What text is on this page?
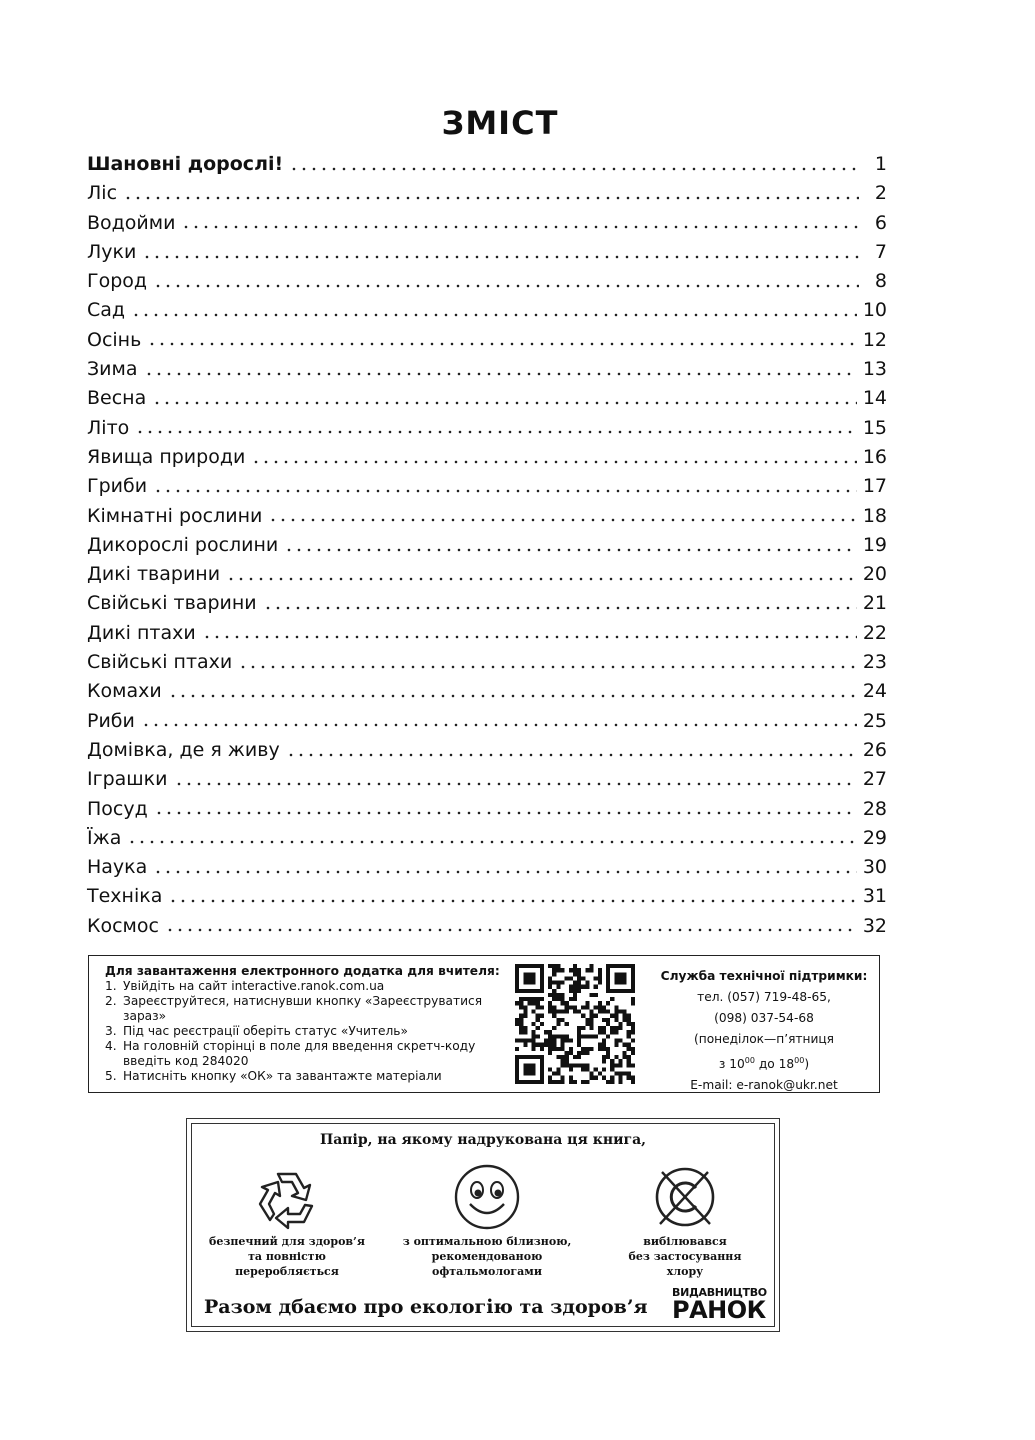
ЗМІСТ
Шановні дорослі!	1
Ліс	2
Водойми	6
Луки	7
Город	8
Сад	10
Осінь	12
Зима	13
Весна	14
Літо	15
Явища природи	16
Гриби	17
Кімнатні рослини	18
Дикорослі рослини	19
Дикі тварини	20
Свійські тварини	21
Дикі птахи	22
Свійські птахи	23
Комахи	24
Риби	25
Домівка, де я живу	26
Іграшки	27
Посуд	28
Їжа	29
Наука	30
Техніка	31
Космос	32
Для завантаження електронного додатка для вчителя:
1. Увійдіть на сайт interactive.ranok.com.ua
2. Зареєструйтеся, натиснувши кнопку «Зареєструватися зараз»
3. Під час реєстрації оберіть статус «Учитель»
4. На головній сторінці в поле для введення скретч-коду введіть код 284020
5. Натисніть кнопку «ОК» та завантажте матеріали
Служба технічної підтримки:
тел. (057) 719-48-65,
(098) 037-54-68
(понеділок—п’ятниця
з $10^{00}$ до $18^{00}$)
E-mail: e-ranok@ukr.net
Папір, на якому надрукована ця книга,
безпечний для здоров’я
та повністю
переробляється
з оптимальною білизною,
рекомендованою
офтальмологами
вибілювався
без застосування
хлору
Разом дбаємо про екологію та здоров’я
ВИДАВНИЦТВО
РАНОК
